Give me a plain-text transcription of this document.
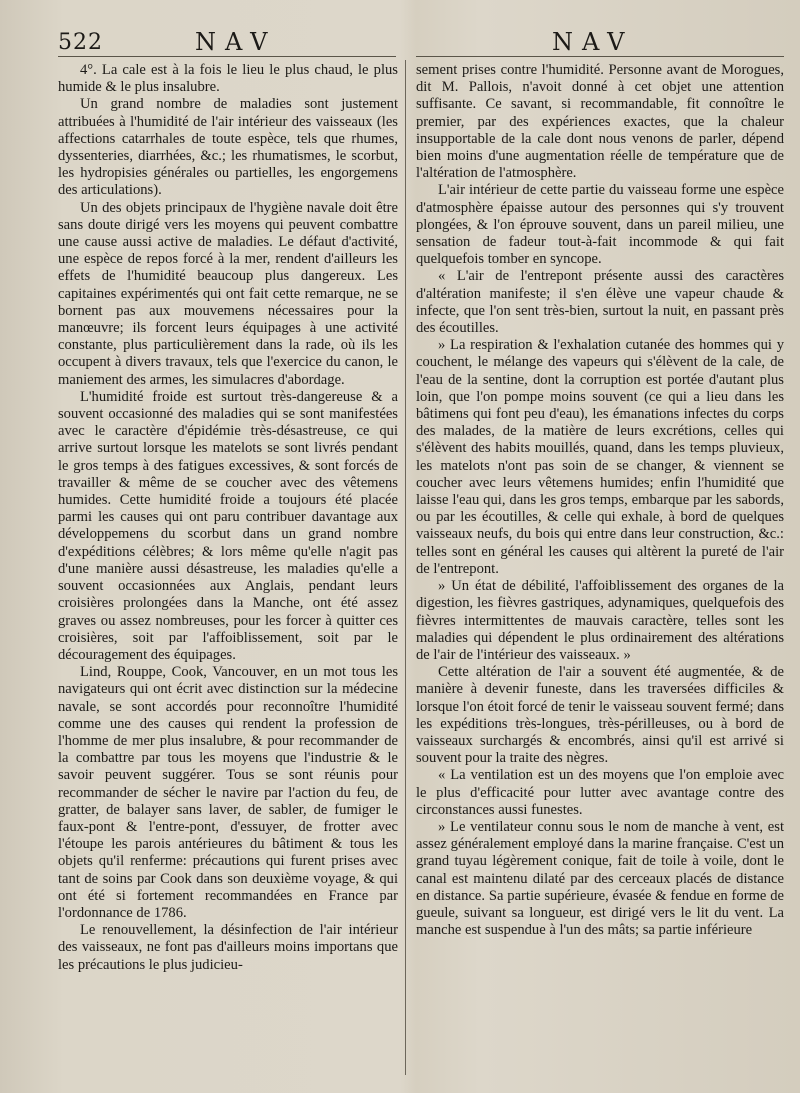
522	NAV	NAV

4°. La cale est à la fois le lieu le plus chaud, le plus humide & le plus insalubre.

Un grand nombre de maladies sont justement attribuées à l'humidité de l'air intérieur des vaisseaux (les affections catarrhales de toute espèce, tels que rhumes, dyssenteries, diarrhées, &c.; les rhumatismes, le scorbut, les hydropisies générales ou partielles, les engorgemens des articulations).

Un des objets principaux de l'hygiène navale doit être sans doute dirigé vers les moyens qui peuvent combattre une cause aussi active de maladies. Le défaut d'activité, une espèce de repos forcé à la mer, rendent d'ailleurs les effets de l'humidité beaucoup plus dangereux. Les capitaines expérimentés qui ont fait cette remarque, ne se bornent pas aux mouvemens nécessaires pour la manœuvre; ils forcent leurs équipages à une activité constante, plus particulièrement dans la rade, où ils les occupent à divers travaux, tels que l'exercice du canon, le maniement des armes, les simulacres d'abordage.

L'humidité froide est surtout très-dangereuse & a souvent occasionné des maladies qui se sont manifestées avec le caractère d'épidémie très-désastreuse, ce qui arrive surtout lorsque les matelots se sont livrés pendant le gros temps à des fatigues excessives, & sont forcés de travailler & même de se coucher avec des vêtemens humides. Cette humidité froide a toujours été placée parmi les causes qui ont paru contribuer davantage aux développemens du scorbut dans un grand nombre d'expéditions célèbres; & lors même qu'elle n'agit pas d'une manière aussi désastreuse, les maladies qu'elle a souvent occasionnées aux Anglais, pendant leurs croisières prolongées dans la Manche, ont été assez graves ou assez nombreuses, pour les forcer à quitter ces croisières, soit par l'affoiblissement, soit par le découragement des équipages.

Lind, Rouppe, Cook, Vancouver, en un mot tous les navigateurs qui ont écrit avec distinction sur la médecine navale, se sont accordés pour reconnoître l'humidité comme une des causes qui rendent la profession de l'homme de mer plus insalubre, & pour recommander de la combattre par tous les moyens que l'industrie & le savoir peuvent suggérer. Tous se sont réunis pour recommander de sécher le navire par l'action du feu, de gratter, de balayer sans laver, de sabler, de fumiger le faux-pont & l'entre-pont, d'essuyer, de frotter avec l'étoupe les parois antérieures du bâtiment & tous les objets qu'il renferme: précautions qui furent prises avec tant de soins par Cook dans son deuxième voyage, & qui ont été si fortement recommandées en France par l'ordonnance de 1786.

Le renouvellement, la désinfection de l'air intérieur des vaisseaux, ne font pas d'ailleurs moins importans que les précautions le plus judicieu-

sement prises contre l'humidité. Personne avant de Morogues, dit M. Pallois, n'avoit donné à cet objet une attention suffisante. Ce savant, si recommandable, fit connoître le premier, par des expériences exactes, que la chaleur insupportable de la cale dont nous venons de parler, dépend bien moins d'une augmentation réelle de température que de l'altération de l'atmosphère.

L'air intérieur de cette partie du vaisseau forme une espèce d'atmosphère épaisse autour des personnes qui s'y trouvent plongées, & l'on éprouve souvent, dans un pareil milieu, une sensation de fadeur tout-à-fait incommode & qui fait quelquefois tomber en syncope.

« L'air de l'entrepont présente aussi des caractères d'altération manifeste; il s'en élève une vapeur chaude & infecte, que l'on sent très-bien, surtout la nuit, en passant près des écoutilles.

» La respiration & l'exhalation cutanée des hommes qui y couchent, le mélange des vapeurs qui s'élèvent de la cale, de l'eau de la sentine, dont la corruption est portée d'autant plus loin, que l'on pompe moins souvent (ce qui a lieu dans les bâtimens qui font peu d'eau), les émanations infectes du corps des malades, de la matière de leurs excrétions, celles qui s'élèvent des habits mouillés, quand, dans les temps pluvieux, les matelots n'ont pas soin de se changer, & viennent se coucher avec leurs vêtemens humides; enfin l'humidité que laisse l'eau qui, dans les gros temps, embarque par les sabords, ou par les écoutilles, & celle qui exhale, à bord de quelques vaisseaux neufs, du bois qui entre dans leur construction, &c.: telles sont en général les causes qui altèrent la pureté de l'air de l'entrepont.

» Un état de débilité, l'affoiblissement des organes de la digestion, les fièvres gastriques, adynamiques, quelquefois des fièvres intermittentes de mauvais caractère, telles sont les maladies qui dépendent le plus ordinairement des altérations de l'air de l'intérieur des vaisseaux. »

Cette altération de l'air a souvent été augmentée, & de manière à devenir funeste, dans les traversées difficiles & lorsque l'on étoit forcé de tenir le vaisseau souvent fermé; dans les expéditions très-longues, très-périlleuses, ou à bord de vaisseaux surchargés & encombrés, ainsi qu'il est arrivé si souvent pour la traite des nègres.

« La ventilation est un des moyens que l'on emploie avec le plus d'efficacité pour lutter avec avantage contre des circonstances aussi funestes.

» Le ventilateur connu sous le nom de manche à vent, est assez généralement employé dans la marine française. C'est un grand tuyau légèrement conique, fait de toile à voile, dont le canal est maintenu dilaté par des cerceaux placés de distance en distance. Sa partie supérieure, évasée & fendue en forme de gueule, suivant sa longueur, est dirigé vers le lit du vent. La manche est suspendue à l'un des mâts; sa partie inférieure
